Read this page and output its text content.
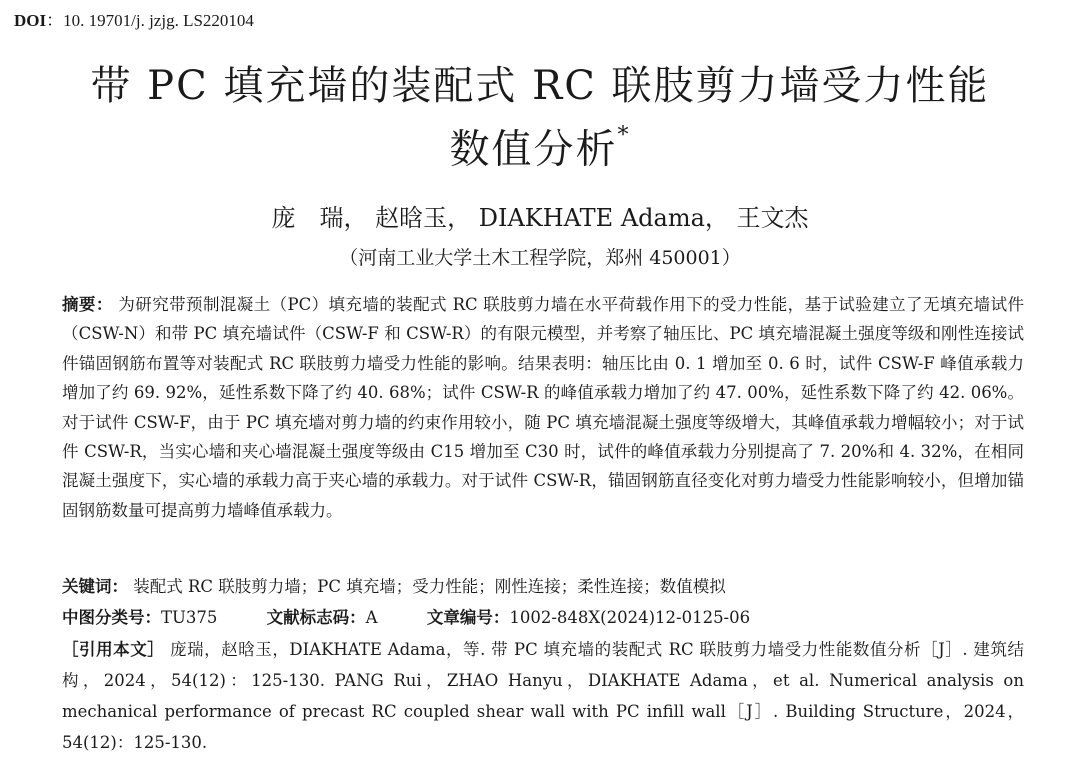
DOI：10. 19701/j. jzjg. LS220104
带 PC 填充墙的装配式 RC 联肢剪力墙受力性能
数值分析*
庞　瑞， 赵晗玉， DIAKHATE Adama， 王文杰
（河南工业大学土木工程学院，郑州 450001）
摘要： 为研究带预制混凝土（PC）填充墙的装配式 RC 联肢剪力墙在水平荷载作用下的受力性能，基于试验建立了无填充墙试件（CSW-N）和带 PC 填充墙试件（CSW-F 和 CSW-R）的有限元模型，并考察了轴压比、PC 填充墙混凝土强度等级和刚性连接试件锚固钢筋布置等对装配式 RC 联肢剪力墙受力性能的影响。结果表明：轴压比由 0. 1 增加至 0. 6 时，试件 CSW-F 峰值承载力增加了约 69. 92%，延性系数下降了约 40. 68%；试件 CSW-R 的峰值承载力增加了约 47. 00%，延性系数下降了约 42. 06%。对于试件 CSW-F，由于 PC 填充墙对剪力墙的约束作用较小，随 PC 填充墙混凝土强度等级增大，其峰值承载力增幅较小；对于试件 CSW-R，当实心墙和夹心墙混凝土强度等级由 C15 增加至 C30 时，试件的峰值承载力分别提高了 7. 20%和 4. 32%，在相同混凝土强度下，实心墙的承载力高于夹心墙的承载力。对于试件 CSW-R，锚固钢筋直径变化对剪力墙受力性能影响较小，但增加锚固钢筋数量可提高剪力墙峰值承载力。
关键词： 装配式 RC 联肢剪力墙；PC 填充墙；受力性能；刚性连接；柔性连接；数值模拟
中图分类号：TU375	文献标志码：A	文章编号：1002-848X(2024)12-0125-06
［引用本文］ 庞瑞，赵晗玉，DIAKHATE Adama，等. 带 PC 填充墙的装配式 RC 联肢剪力墙受力性能数值分析［J］. 建筑结构，2024，54(12)：125-130. PANG Rui，ZHAO Hanyu，DIAKHATE Adama，et al. Numerical analysis on mechanical performance of precast RC coupled shear wall with PC infill wall［J］. Building Structure，2024，54(12)：125-130.
